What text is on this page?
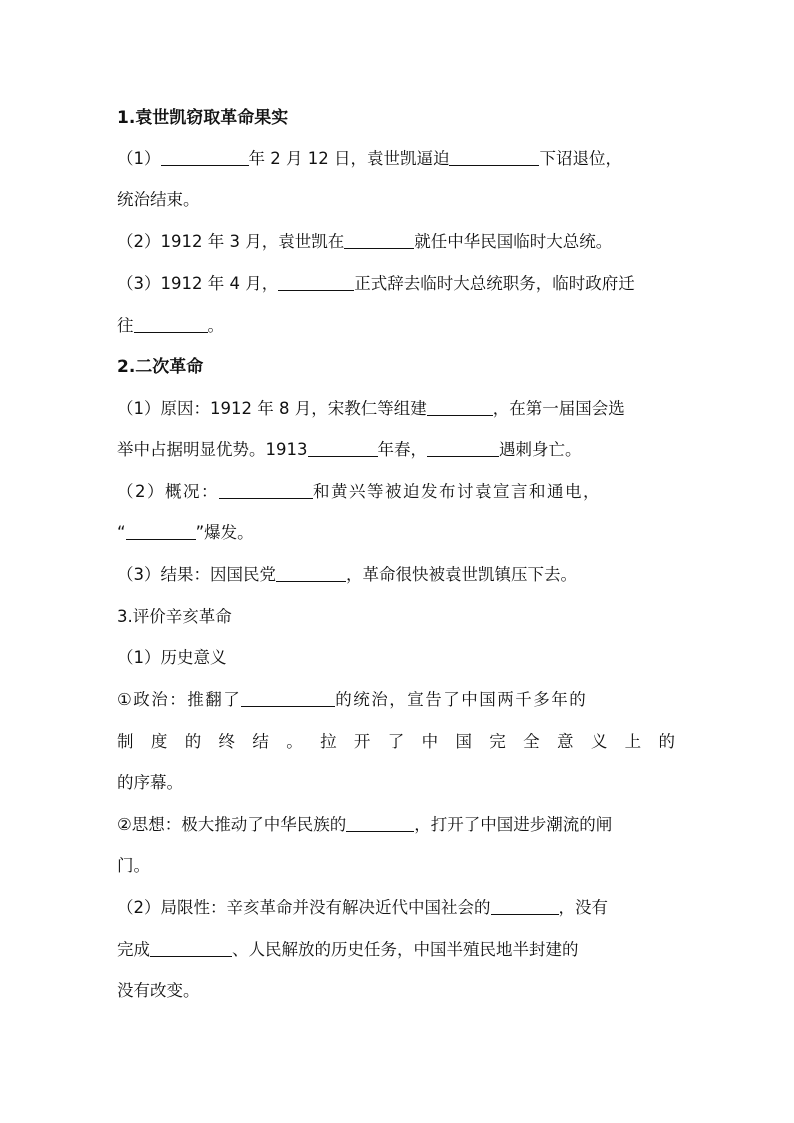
1.袁世凯窃取革命果实
（1）	年 2 月 12 日，袁世凯逼迫	下诏退位，
统治结束。
（2）1912 年 3 月，袁世凯在	就任中华民国临时大总统。
（3）1912 年 4 月，	正式辞去临时大总统职务，临时政府迁
往	。
2.二次革命
（1）原因：1912 年 8 月，宋教仁等组建	，在第一届国会选
举中占据明显优势。1913	年春，	遇刺身亡。
（2）概况：	和黄兴等被迫发布讨袁宣言和通电，
“	”爆发。
（3）结果：因国民党	，革命很快被袁世凯镇压下去。
3.评价辛亥革命
（1）历史意义
①政治：推翻了	的统治，宣告了中国两千多年的
制 度 的 终 结 。 拉 开 了 中 国 完 全 意 义 上 的
的序幕。
②思想：极大推动了中华民族的	，打开了中国进步潮流的闸
门。
（2）局限性：辛亥革命并没有解决近代中国社会的	，没有
完成	、人民解放的历史任务，中国半殖民地半封建的
没有改变。
